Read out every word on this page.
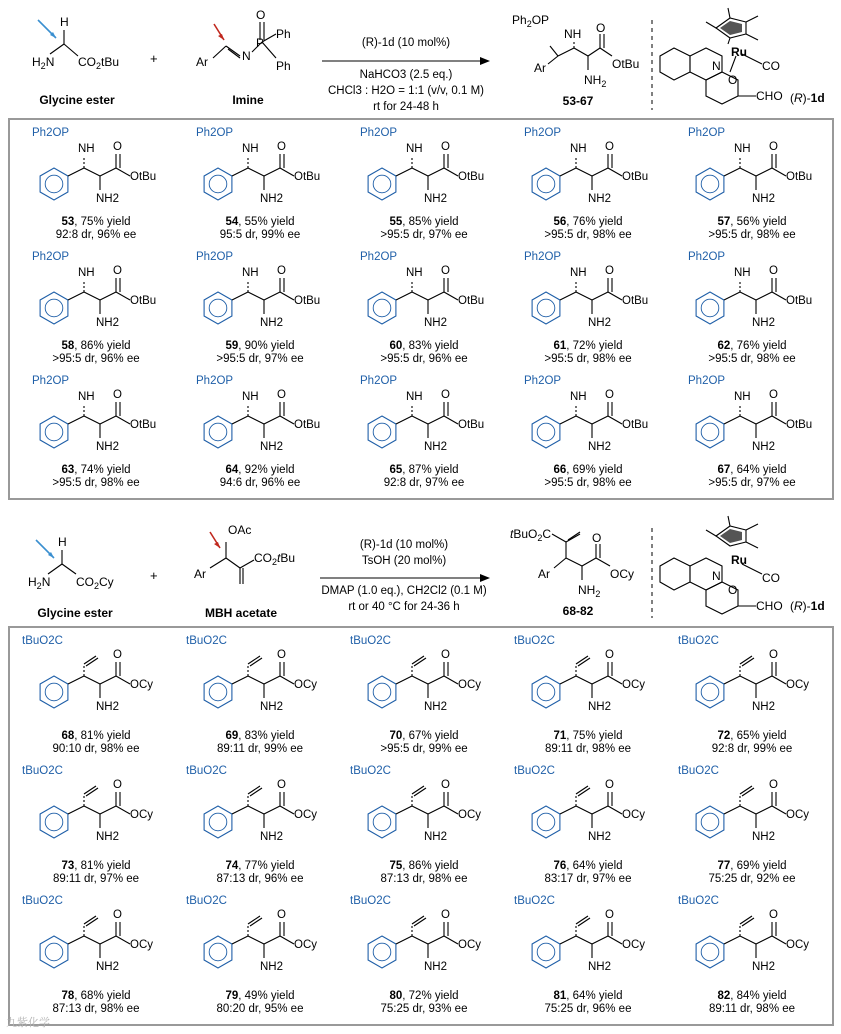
H
$H_2N$ $CO_2tBu$ +	Ar	N
O
P
Ph
Ph
$Ph_2OP$
NH O
OtBu
Ar
$NH_2$
Ru
N
O
CO
CHO (R)-1d
Glycine ester	Imine
(R)-1d (10 mol%)
NaHCO3 (2.5 eq.)
CHCl3 : H2O = 1:1 (v/v, 0.1 M)
rt for 24-48 h	53-67
Ph2OP
NH O
OtBu
NH2
53, 75% yield
92:8 dr, 96% ee
Ph2OP
NH O
OtBu
NH2
54, 55% yield
95:5 dr, 99% ee
Ph2OP
NH O
OtBu
NH2
55, 85% yield
>95:5 dr, 97% ee
Ph2OP
NH O
OtBu
NH2
56, 76% yield
>95:5 dr, 98% ee
Ph2OP
NH O
OtBu
NH2
57, 56% yield
>95:5 dr, 98% ee
Ph2OP
NH O
OtBu
NH2
58, 86% yield
>95:5 dr, 96% ee
Ph2OP
NH O
OtBu
NH2
59, 90% yield
>95:5 dr, 97% ee
Ph2OP
NH O
OtBu
NH2
60, 83% yield
>95:5 dr, 96% ee
Ph2OP
NH O
OtBu
NH2
61, 72% yield
>95:5 dr, 98% ee
Ph2OP
NH O
OtBu
NH2
62, 76% yield
>95:5 dr, 98% ee
Ph2OP
NH O
OtBu
NH2
63, 74% yield
>95:5 dr, 98% ee
Ph2OP
NH O
OtBu
NH2
64, 92% yield
94:6 dr, 96% ee
Ph2OP
NH O
OtBu
NH2
65, 87% yield
92:8 dr, 97% ee
Ph2OP
NH O
OtBu
NH2
66, 69% yield
>95:5 dr, 98% ee
Ph2OP
NH O
OtBu
NH2
67, 64% yield
>95:5 dr, 97% ee
H
$H_2N$ $CO_2Cy$	+
OAc
Ar
$CO_2tBu$
tBuO$_2$C	O
OCy
Ar
$NH_2$
Ru
N
O
CO
CHO (R)-1d
Glycine ester	MBH acetate
(R)-1d (10 mol%)
TsOH (20 mol%)
DMAP (1.0 eq.), CH2Cl2 (0.1 M)
rt or 40 °C for 24-36 h	68-82
tBuO2C
O
OCy
NH2
68, 81% yield
90:10 dr, 98% ee
tBuO2C
O
OCy
NH2
69, 83% yield
89:11 dr, 99% ee
tBuO2C
O
OCy
NH2
70, 67% yield
>95:5 dr, 99% ee
tBuO2C
O
OCy
NH2
71, 75% yield
89:11 dr, 98% ee
tBuO2C
O
OCy
NH2
72, 65% yield
92:8 dr, 99% ee
tBuO2C
O
OCy
NH2
73, 81% yield
89:11 dr, 97% ee
tBuO2C
O
OCy
NH2
74, 77% yield
87:13 dr, 96% ee
tBuO2C
O
OCy
NH2
75, 86% yield
87:13 dr, 98% ee
tBuO2C
O
OCy
NH2
76, 64% yield
83:17 dr, 97% ee
tBuO2C
O
OCy
NH2
77, 69% yield
75:25 dr, 92% ee
tBuO2C
O
OCy
NH2
78, 68% yield
87:13 dr, 98% ee
tBuO2C
O
OCy
NH2
79, 49% yield
80:20 dr, 95% ee
tBuO2C
O
OCy
NH2
80, 72% yield
75:25 dr, 93% ee
tBuO2C
O
OCy
NH2
81, 64% yield
75:25 dr, 96% ee
tBuO2C
O
OCy
NH2
82, 84% yield
89:11 dr, 98% ee
九紫化学
